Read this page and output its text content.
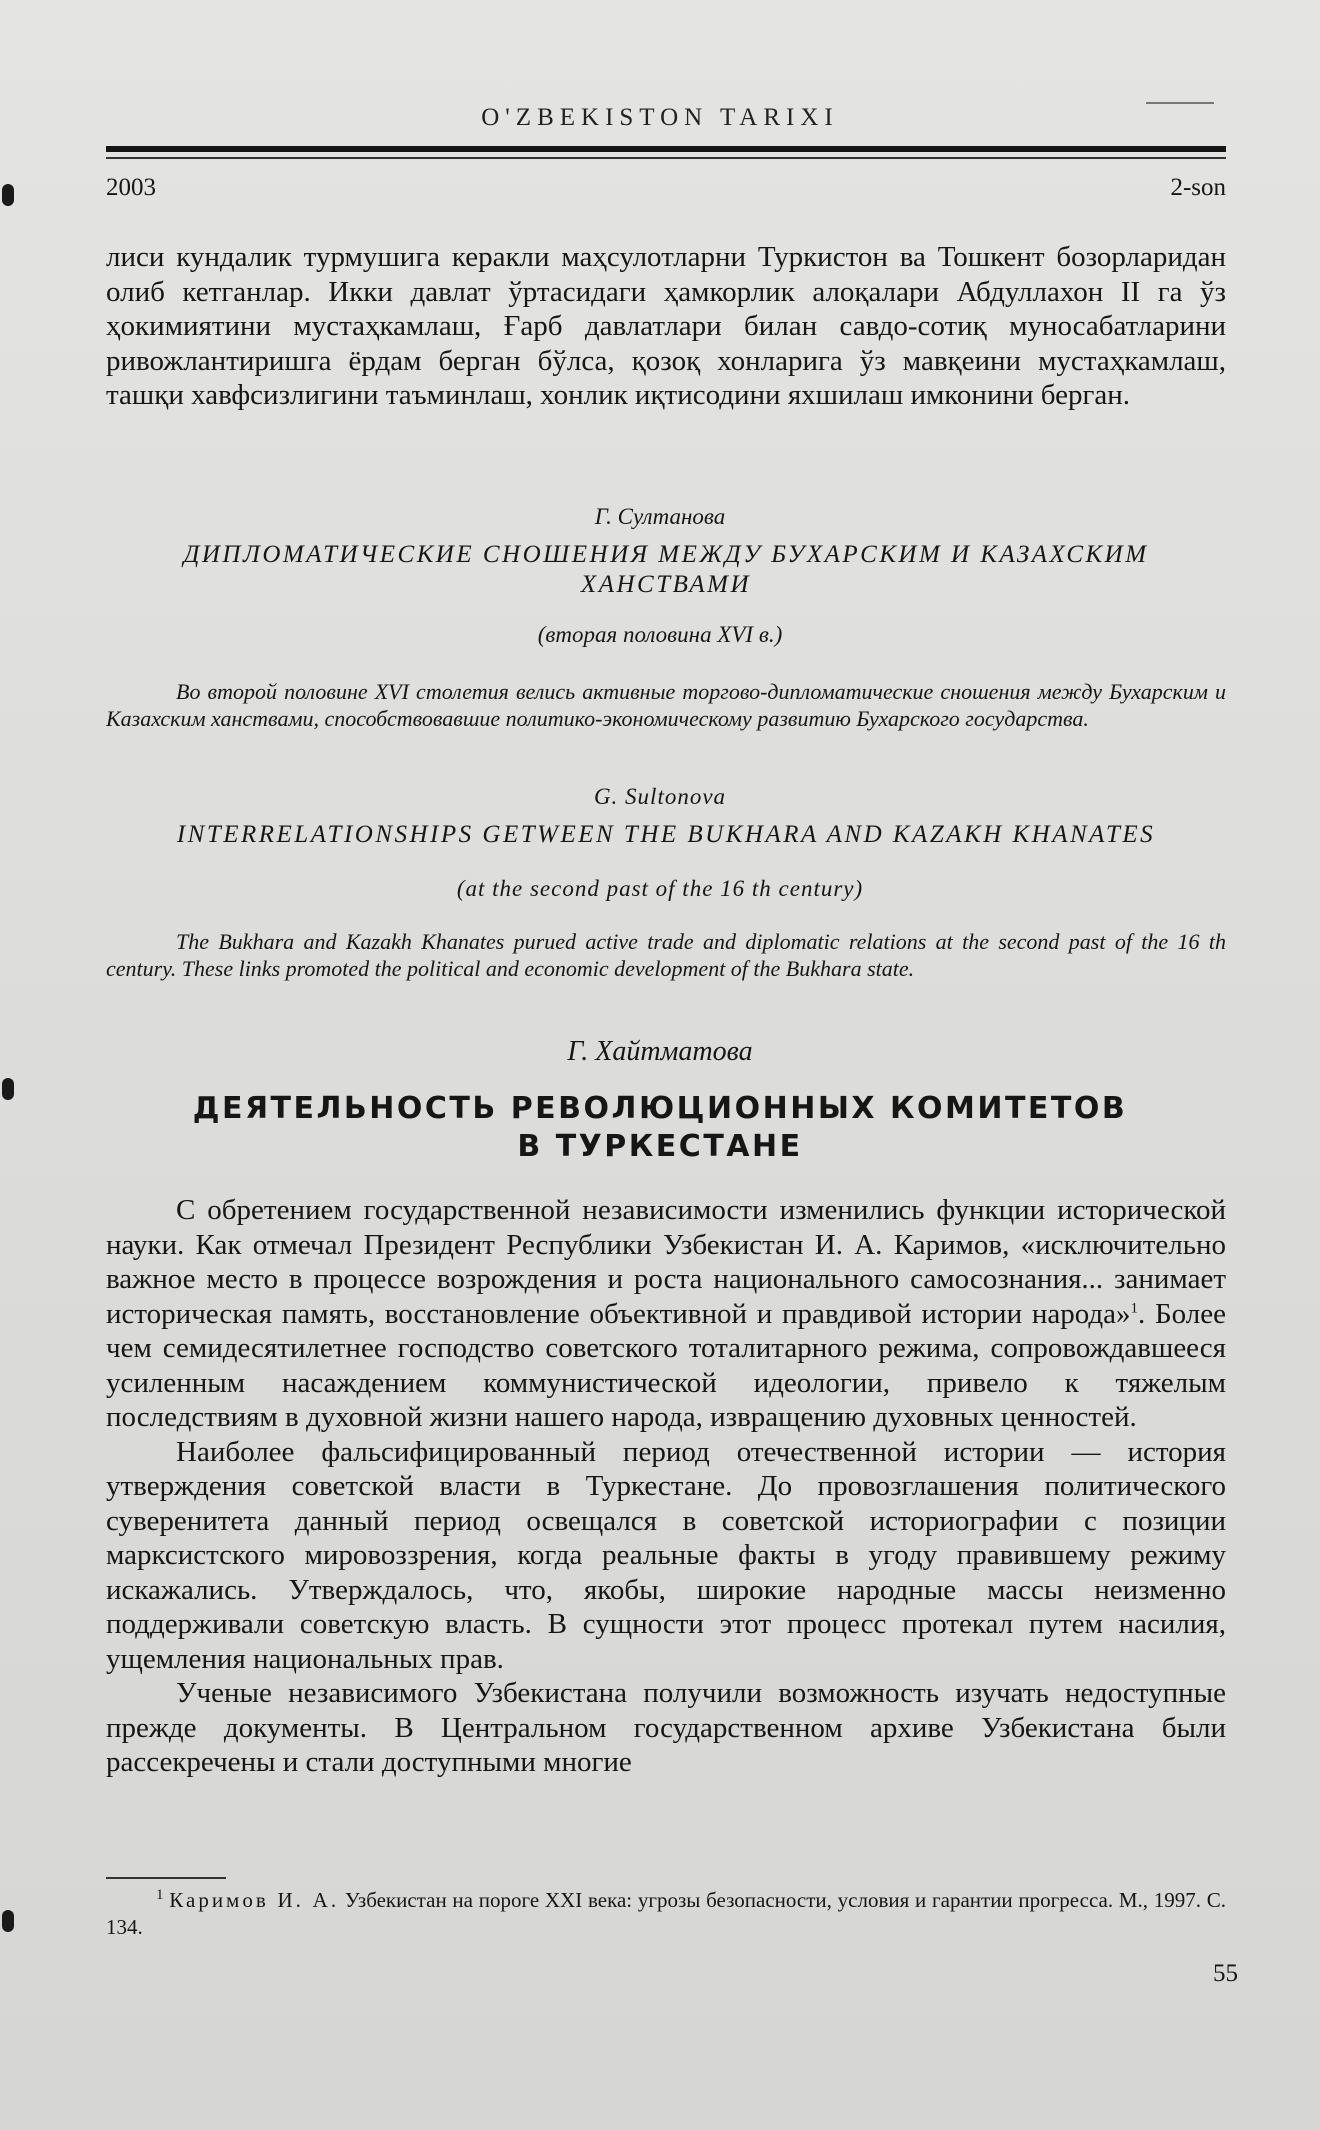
O'ZBEKISTON TARIXI
2003	2-son

лиси кундалик турмушига керакли маҳсулотларни Туркистон ва Тошкент бозорларидан олиб кетганлар. Икки давлат ўртасидаги ҳамкорлик алоқалари Абдуллахон II га ўз ҳокимиятини мустаҳкамлаш, Ғарб давлатлари билан савдо-сотиқ муносабатларини ривожлантиришга ёрдам берган бўлса, қозоқ хонларига ўз мавқеини мустаҳкамлаш, ташқи хавфсизлигини таъминлаш, хонлик иқтисодини яхшилаш имконини берган.

Г. Султанова

ДИПЛОМАТИЧЕСКИЕ СНОШЕНИЯ МЕЖДУ БУХАРСКИМ И КАЗАХСКИМ ХАНСТВАМИ

(вторая половина XVI в.)

Во второй половине XVI столетия велись активные торгово-дипломатические сношения между Бухарским и Казахским ханствами, способствовавшие политико-экономическому развитию Бухарского государства.

G. Sultonova

INTERRELATIONSHIPS GETWEEN THE BUKHARA AND KAZAKH KHANATES

(at the second past of the 16 th century)

The Bukhara and Kazakh Khanates purued active trade and diplomatic relations at the second past of the 16 th century. These links promoted the political and economic development of the Bukhara state.

Г. Хайтматова

ДЕЯТЕЛЬНОСТЬ РЕВОЛЮЦИОННЫХ КОМИТЕТОВ
В ТУРКЕСТАНЕ

С обретением государственной независимости изменились функции исторической науки. Как отмечал Президент Республики Узбекистан И. А. Каримов, «исключительно важное место в процессе возрождения и роста национального самосознания... занимает историческая память, восстановление объективной и правдивой истории народа»$^1$. Более чем семидесятилетнее господство советского тоталитарного режима, сопровождавшееся усиленным насаждением коммунистической идеологии, привело к тяжелым последствиям в духовной жизни нашего народа, извращению духовных ценностей.

Наиболее фальсифицированный период отечественной истории — история утверждения советской власти в Туркестане. До провозглашения политического суверенитета данный период освещался в советской историографии с позиции марксистского мировоззрения, когда реальные факты в угоду правившему режиму искажались. Утверждалось, что, якобы, широкие народные массы неизменно поддерживали советскую власть. В сущности этот процесс протекал путем насилия, ущемления национальных прав.

Ученые независимого Узбекистана получили возможность изучать недоступные прежде документы. В Центральном государственном архиве Узбекистана были рассекречены и стали доступными многие

$^1$ Каримов И. А. Узбекистан на пороге XXI века: угрозы безопасности, условия и гарантии прогресса. М., 1997. С. 134.

55
